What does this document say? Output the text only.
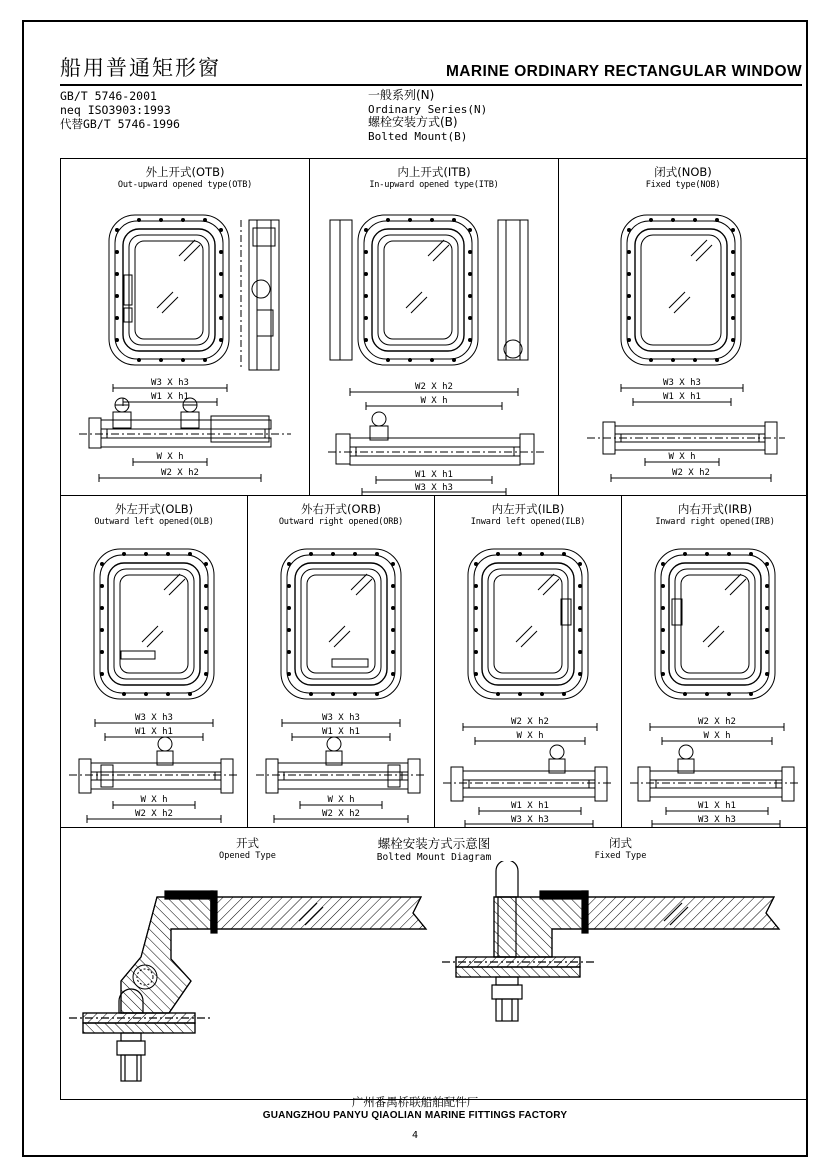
船用普通矩形窗	MARINE ORDINARY RECTANGULAR WINDOW
GB/T 5746-2001
neq ISO3903:1993
代替GB/T 5746-1996
一般系列(N)
Ordinary Series(N)
螺栓安装方式(B)
Bolted Mount(B)
外上开式(OTB)
Out-upward opened type(OTB)
W3 X h3
W1 X h1
W X h
W2 X h2
内上开式(ITB)
In-upward opened type(ITB)
W2 X h2
W X h
W1 X h1
W3 X h3
闭式(NOB)
Fixed type(NOB)
W3 X h3
W1 X h1
W X h
W2 X h2
外左开式(OLB)
Outward left opened(OLB)
W3 X h3
W1 X h1
W X h
W2 X h2
外右开式(ORB)
Outward right opened(ORB)
W3 X h3
W1 X h1
W X h
W2 X h2
内左开式(ILB)
Inward left opened(ILB)
W2 X h2
W X h
W1 X h1
W3 X h3
内右开式(IRB)
Inward right opened(IRB)
W2 X h2
W X h
W1 X h1
W3 X h3
螺栓安装方式示意图
Bolted Mount Diagram
开式
Opened Type
闭式
Fixed Type
广州番禺桥联船舶配件厂
GUANGZHOU PANYU QIAOLIAN MARINE FITTINGS FACTORY
4
